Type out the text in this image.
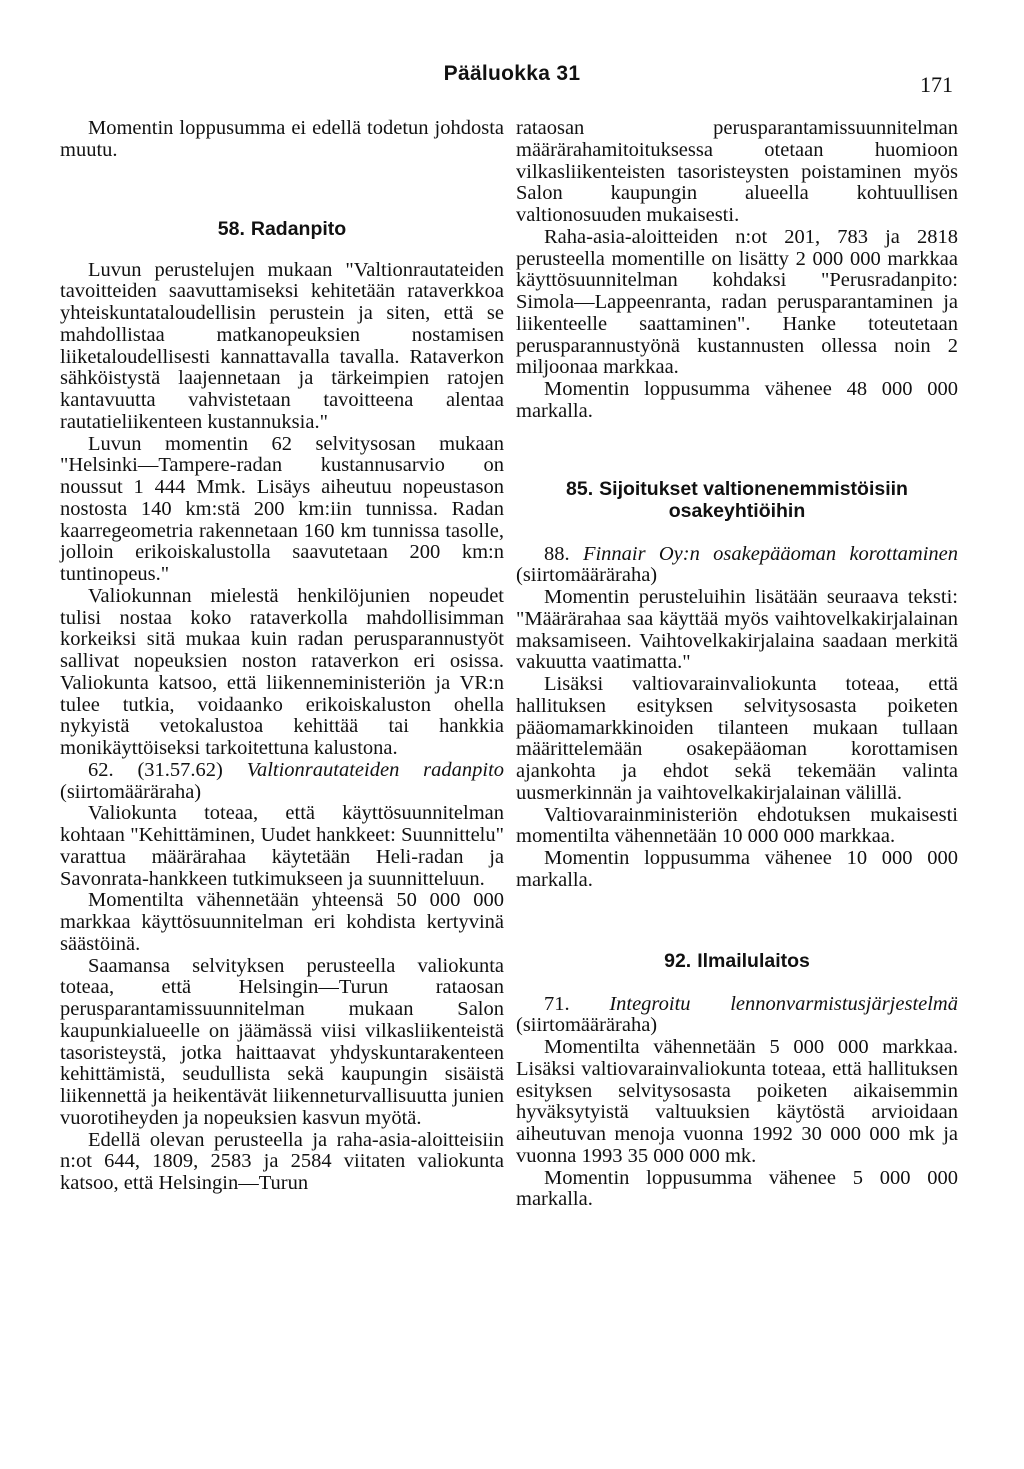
Pääluokka 31	171

Momentin loppusumma ei edellä todetun johdosta muutu.

58. Radanpito

Luvun perustelujen mukaan "Valtionrautateiden tavoitteiden saavuttamiseksi kehitetään rataverkkoa yhteiskuntataloudellisin perustein ja siten, että se mahdollistaa matkanopeuksien nostamisen liiketaloudellisesti kannattavalla tavalla. Rataverkon sähköistystä laajennetaan ja tärkeimpien ratojen kantavuutta vahvistetaan tavoitteena alentaa rautatieliikenteen kustannuksia."

Luvun momentin 62 selvitysosan mukaan "Helsinki—Tampere-radan kustannusarvio on noussut 1 444 Mmk. Lisäys aiheutuu nopeustason nostosta 140 km:stä 200 km:iin tunnissa. Radan kaarregeometria rakennetaan 160 km tunnissa tasolle, jolloin erikoiskalustolla saavutetaan 200 km:n tuntinopeus."

Valiokunnan mielestä henkilöjunien nopeudet tulisi nostaa koko rataverkolla mahdollisimman korkeiksi sitä mukaa kuin radan perusparannustyöt sallivat nopeuksien noston rataverkon eri osissa. Valiokunta katsoo, että liikenneministeriön ja VR:n tulee tutkia, voidaanko erikoiskaluston ohella nykyistä vetokalustoa kehittää tai hankkia monikäyttöiseksi tarkoitettuna kalustona.

62. (31.57.62) Valtionrautateiden radanpito (siirtomääräraha)

Valiokunta toteaa, että käyttösuunnitelman kohtaan "Kehittäminen, Uudet hankkeet: Suunnittelu" varattua määrärahaa käytetään Heli-radan ja Savonrata-hankkeen tutkimukseen ja suunnitteluun.

Momentilta vähennetään yhteensä 50 000 000 markkaa käyttösuunnitelman eri kohdista kertyvinä säästöinä.

Saamansa selvityksen perusteella valiokunta toteaa, että Helsingin—Turun rataosan perusparantamissuunnitelman mukaan Salon kaupunkialueelle on jäämässä viisi vilkasliikenteistä tasoristeystä, jotka haittaavat yhdyskuntarakenteen kehittämistä, seudullista sekä kaupungin sisäistä liikennettä ja heikentävät liikenneturvallisuutta junien vuorotiheyden ja nopeuksien kasvun myötä.

Edellä olevan perusteella ja raha-asia-aloitteisiin n:ot 644, 1809, 2583 ja 2584 viitaten valiokunta katsoo, että Helsingin—Turun

rataosan perusparantamissuunnitelman määrärahamitoituksessa otetaan huomioon vilkasliikenteisten tasoristeysten poistaminen myös Salon kaupungin alueella kohtuullisen valtionosuuden mukaisesti.

Raha-asia-aloitteiden n:ot 201, 783 ja 2818 perusteella momentille on lisätty 2 000 000 markkaa käyttösuunnitelman kohdaksi "Perusradanpito: Simola—Lappeenranta, radan perusparantaminen ja liikenteelle saattaminen". Hanke toteutetaan perusparannustyönä kustannusten ollessa noin 2 miljoonaa markkaa.

Momentin loppusumma vähenee 48 000 000 markalla.

85. Sijoitukset valtionenemmistöisiin osakeyhtiöihin

88. Finnair Oy:n osakepääoman korottaminen (siirtomääräraha)

Momentin perusteluihin lisätään seuraava teksti: "Määrärahaa saa käyttää myös vaihtovelkakirjalainan maksamiseen. Vaihtovelkakirjalaina saadaan merkitä vakuutta vaatimatta."

Lisäksi valtiovarainvaliokunta toteaa, että hallituksen esityksen selvitysosasta poiketen pääomamarkkinoiden tilanteen mukaan tullaan määrittelemään osakepääoman korottamisen ajankohta ja ehdot sekä tekemään valinta uusmerkinnän ja vaihtovelkakirjalainan välillä.

Valtiovarainministeriön ehdotuksen mukaisesti momentilta vähennetään 10 000 000 markkaa.

Momentin loppusumma vähenee 10 000 000 markalla.

92. Ilmailulaitos

71. Integroitu lennonvarmistusjärjestelmä (siirtomääräraha)

Momentilta vähennetään 5 000 000 markkaa. Lisäksi valtiovarainvaliokunta toteaa, että hallituksen esityksen selvitysosasta poiketen aikaisemmin hyväksytyistä valtuuksien käytöstä arvioidaan aiheutuvan menoja vuonna 1992 30 000 000 mk ja vuonna 1993 35 000 000 mk.

Momentin loppusumma vähenee 5 000 000 markalla.
